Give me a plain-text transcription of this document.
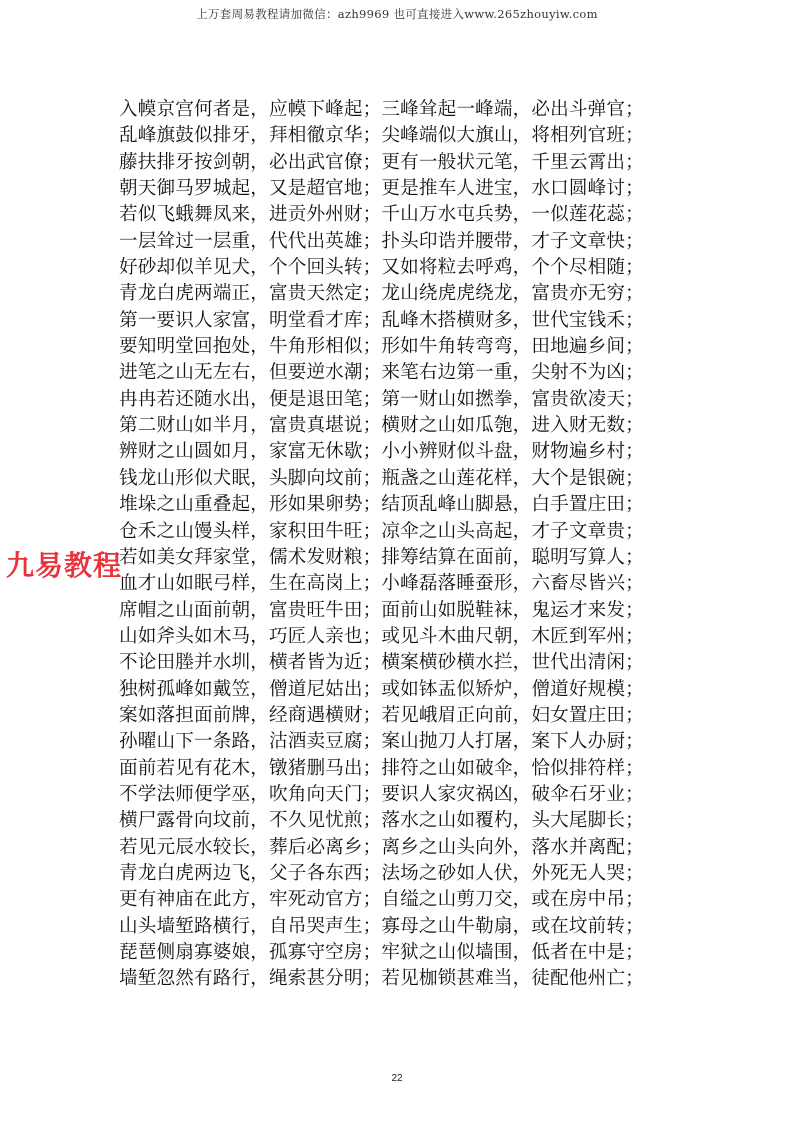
上万套周易教程请加微信：azh9969 也可直接进入www.265zhouyiw.com
入幙京宫何者是，应幙下峰起；三峰耸起一峰端，必出斗弹官；
乱峰旗鼓似排牙，拜相徹京华；尖峰端似大旗山，将相列官班；
藤扶排牙按剑朝，必出武官僚；更有一般状元笔，千里云霄出；
朝天御马罗城起，又是超官地；更是推车人进宝，水口圆峰讨；
若似飞蛾舞凤来，进贡外州财；千山万水屯兵势，一似莲花蕊；
一层耸过一层重，代代出英雄；扑头印诰并腰带，才子文章快；
好砂却似羊见犬，个个回头转；又如将粒去呼鸡，个个尽相随；
青龙白虎两端正，富贵天然定；龙山绕虎虎绕龙，富贵亦无穷；
第一要识人家富，明堂看才库；乱峰木搭横财多，世代宝钱禾；
要知明堂回抱处，牛角形相似；形如牛角转弯弯，田地遍乡间；
进笔之山无左右，但要逆水潮；来笔右边第一重，尖射不为凶；
冉冉若还随水出，便是退田笔；第一财山如撚拳，富贵欲凌天；
第二财山如半月，富贵真堪说；横财之山如瓜匏，进入财无数；
辨财之山圆如月，家富无休歇；小小辨财似斗盘，财物遍乡村；
钱龙山形似犬眠，头脚向坟前；瓶盏之山莲花样，大个是银碗；
堆垛之山重叠起，形如果卵势；结顶乱峰山脚悬，白手置庄田；
仓禾之山馒头样，家积田牛旺；凉伞之山头高起，才子文章贵；
若如美女拜家堂，儒术发财粮；排筹结算在面前，聪明写算人；
血才山如眠弓样，生在高岗上；小峰磊落睡蚕形，六畜尽皆兴；
席帽之山面前朝，富贵旺牛田；面前山如脱鞋袜，鬼运才来发；
山如斧头如木马，巧匠人亲也；或见斗木曲尺朝，木匠到军州；
不论田塍并水圳，横者皆为近；横案横砂横水拦，世代出清闲；
独树孤峰如戴笠，僧道尼姑出；或如钵盂似矫炉，僧道好规模；
案如落担面前牌，经商遇横财；若见峨眉正向前，妇女置庄田；
孙曜山下一条路，沽酒卖豆腐；案山抛刀人打屠，案下人办厨；
面前若见有花木，镦猪删马出；排符之山如破伞，恰似排符样；
不学法师便学巫，吹角向天门；要识人家灾祸凶，破伞石牙业；
横尸露骨向坟前，不久见忧煎；落水之山如覆杓，头大尾脚长；
若见元辰水较长，葬后必离乡；离乡之山头向外，落水并离配；
青龙白虎两边飞，父子各东西；法场之砂如人伏，外死无人哭；
更有神庙在此方，牢死动官方；自缢之山剪刀交，或在房中吊；
山头墙堑路横行，自吊哭声生；寡母之山牛勒扇，或在坟前转；
琵琶侧扇寡婆娘，孤寡守空房；牢狱之山似墙围，低者在中是；
墙堑忽然有路行，绳索甚分明；若见枷锁甚难当，徒配他州亡；
九易教程
22
